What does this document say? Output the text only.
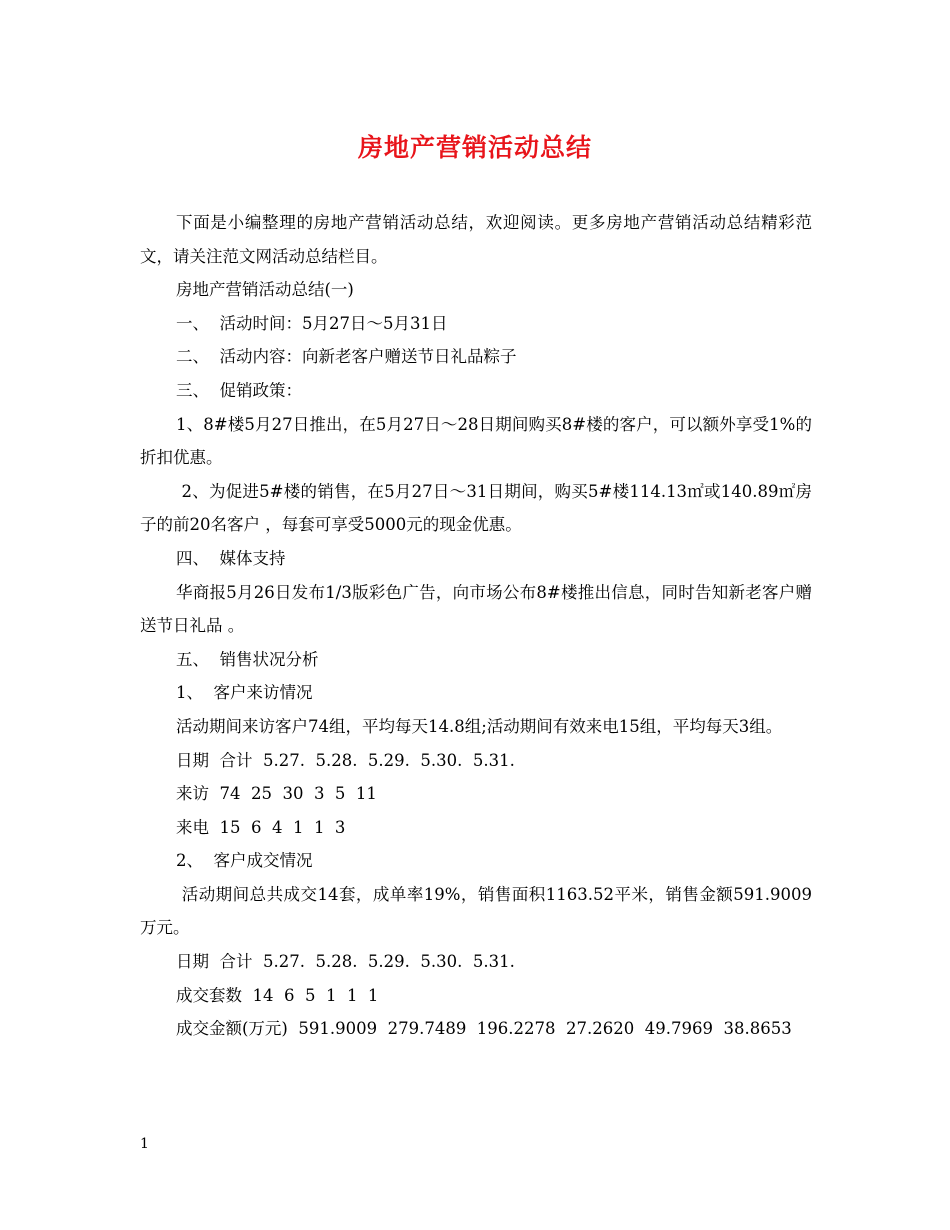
房地产营销活动总结

下面是小编整理的房地产营销活动总结，欢迎阅读。更多房地产营销活动总结精彩范 文，请关注范文网活动总结栏目。

房地产营销活动总结(一)

一、  活动时间：5月27日～5月31日

二、  活动内容：向新老客户赠送节日礼品粽子

三、  促销政策：

1、8#楼5月27日推出，在5月27日～28日期间购买8#楼的客户，可以额外享受1%的折扣优惠。

2、为促进5#楼的销售，在5月27日～31日期间，购买5#楼114.13㎡或140.89㎡房子的前20名客户 ，每套可享受5000元的现金优惠。

四、  媒体支持

华商报5月26日发布1/3版彩色广告，向市场公布8#楼推出信息，同时告知新老客户赠送节日礼品 。

五、  销售状况分析

1、  客户来访情况

活动期间来访客户74组，平均每天14.8组;活动期间有效来电15组，平均每天3组。

日期  合计  5.27.  5.28.  5.29.  5.30.  5.31.

来访  74  25  30  3  5  11

来电  15  6  4  1  1  3

2、  客户成交情况

活动期间总共成交14套，成单率19%，销售面积1163.52平米，销售金额591.9009万元。

日期  合计  5.27.  5.28.  5.29.  5.30.  5.31.

成交套数  14  6  5  1  1  1

成交金额(万元)  591.9009  279.7489  196.2278  27.2620  49.7969  38.8653

1
